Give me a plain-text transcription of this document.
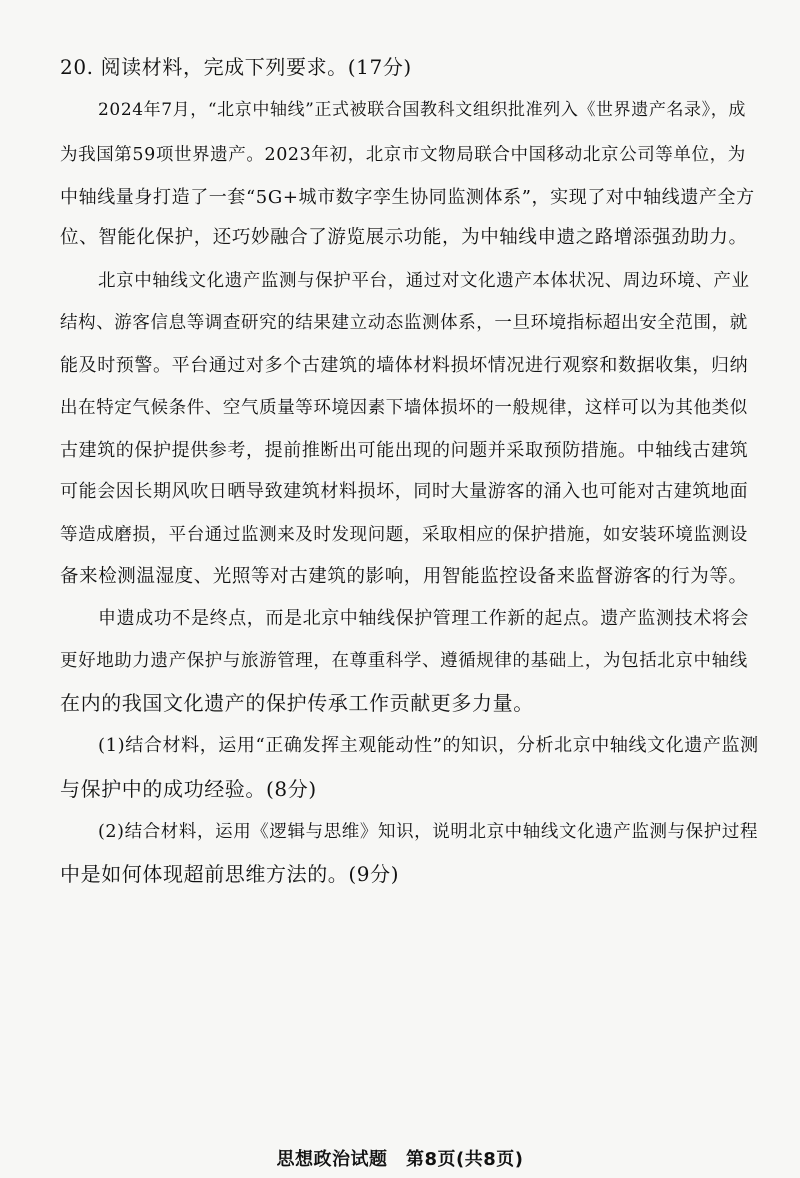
20. 阅读材料，完成下列要求。(17分)
2024年7月，“北京中轴线”正式被联合国教科文组织批准列入《世界遗产名录》，成
为我国第59项世界遗产。2023年初，北京市文物局联合中国移动北京公司等单位，为
中轴线量身打造了一套“5G+城市数字孪生协同监测体系”，实现了对中轴线遗产全方
位、智能化保护，还巧妙融合了游览展示功能，为中轴线申遗之路增添强劲助力。
北京中轴线文化遗产监测与保护平台，通过对文化遗产本体状况、周边环境、产业
结构、游客信息等调查研究的结果建立动态监测体系，一旦环境指标超出安全范围，就
能及时预警。平台通过对多个古建筑的墙体材料损坏情况进行观察和数据收集，归纳
出在特定气候条件、空气质量等环境因素下墙体损坏的一般规律，这样可以为其他类似
古建筑的保护提供参考，提前推断出可能出现的问题并采取预防措施。中轴线古建筑
可能会因长期风吹日晒导致建筑材料损坏，同时大量游客的涌入也可能对古建筑地面
等造成磨损，平台通过监测来及时发现问题，采取相应的保护措施，如安装环境监测设
备来检测温湿度、光照等对古建筑的影响，用智能监控设备来监督游客的行为等。
申遗成功不是终点，而是北京中轴线保护管理工作新的起点。遗产监测技术将会
更好地助力遗产保护与旅游管理，在尊重科学、遵循规律的基础上，为包括北京中轴线
在内的我国文化遗产的保护传承工作贡献更多力量。
(1)结合材料，运用“正确发挥主观能动性”的知识，分析北京中轴线文化遗产监测
与保护中的成功经验。(8分)
(2)结合材料，运用《逻辑与思维》知识，说明北京中轴线文化遗产监测与保护过程
中是如何体现超前思维方法的。(9分)
思想政治试题　第8页(共8页)
